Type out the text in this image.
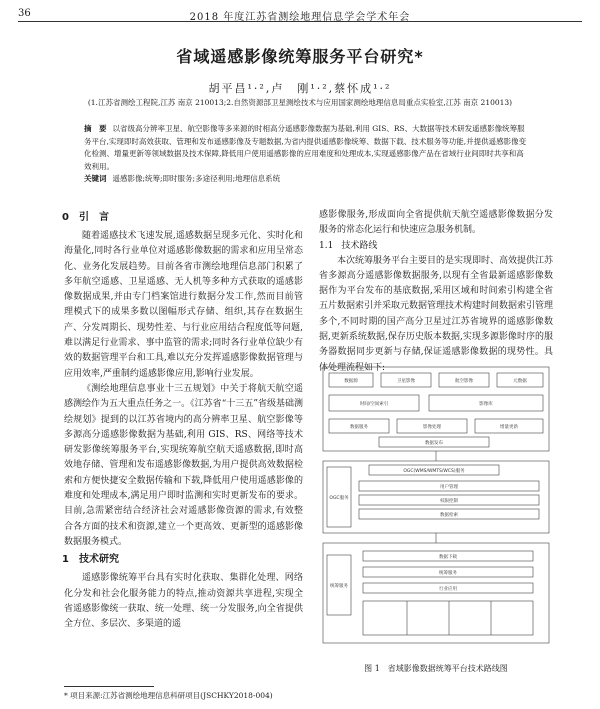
36	2018 年度江苏省测绘地理信息学会学术年会
省域遥感影像统筹服务平台研究*
胡平昌¹·²,卢　刚¹·²,蔡怀成¹·²
(1.江苏省测绘工程院,江苏 南京 210013;2.自然资源部卫星测绘技术与应用国家测绘地理信息局重点实验室,江苏 南京 210013)
摘　要 以省级高分辨率卫星、航空影像等多来源的时相高分遥感影像数据为基础,利用 GIS、RS、大数据等技术研发遥感影像统筹服务平台,实现即时高效获取、管理和发布遥感影像及专题数据,为省内提供遥感影像统筹、数据下载、技术服务等功能,并提供遥感影像变化检测、增量更新等领域数据及技术保障,降低用户使用遥感影像的应用难度和处理成本,实现遥感影像产品在省域行业间即时共享和高效利用。
关键词 遥感影像;统筹;即时服务;多途径利用;地理信息系统
0 引　言

随着遥感技术飞速发展,遥感数据呈现多元化、实时化和海量化,同时各行业单位对遥感影像数据的需求和应用呈常态化、业务化发展趋势。目前各省市测绘地理信息部门积累了多年航空遥感、卫星遥感、无人机等多种方式获取的遥感影像数据成果,并由专门档案馆进行数据分发工作,然而目前管理模式下的成果多数以图幅形式存储、组织,其存在数据生产、分发周期长、现势性差、与行业应用结合程度低等问题,难以满足行业需求、事中监管的需求;同时各行业单位缺少有效的数据管理平台和工具,难以充分发挥遥感影像数据管理与应用效率,严重制约遥感影像应用,影响行业发展。

《测绘地理信息事业十三五规划》中关于将航天航空遥感测绘作为五大重点任务之一。《江苏省“十三五”省级基础测绘规划》提到的以江苏省境内的高分辨率卫星、航空影像等多源高分遥感影像数据为基础,利用 GIS、RS、网络等技术研发影像统筹服务平台,实现统筹航空航天遥感数据,即时高效地存储、管理和发布遥感影像数据,为用户提供高效数据检索和方便快捷安全数据传输和下载,降低用户使用遥感影像的难度和处理成本,满足用户即时监测和实时更新发布的要求。目前,急需紧密结合经济社会对遥感影像资源的需求,有效整合各方面的技术和资源,建立一个更高效、更新型的遥感影像数据服务模式。

1 技术研究

遥感影像统筹平台具有实时化获取、集群化处理、网络化分发和社会化服务能力的特点,推动资源共享进程,实现全省遥感影像统一获取、统一处理、统一分发服务,向全省提供全方位、多层次、多渠道的遥

感影像服务,形成面向全省提供航天航空遥感影像数据分发服务的常态化运行和快速应急服务机制。

1.1 技术路线

本次统筹服务平台主要目的是实现即时、高效提供江苏省多源高分遥感影像数据服务,以现有全省最新遥感影像数据作为平台发布的基底数据,采用区域和时间索引构建全省五片数据索引并采取元数据管理技术构建时间数据索引管理多个,不同时期的国产高分卫星过江苏省境界的遥感影像数据,更新系统数据,保存历史版本数据,实现多源影像时序的服务器数据同步更新与存储,保证遥感影像数据的现势性。具体处理流程如下:

数据源	卫星影像	航空影像	元数据
时间/空间索引	影像库
数据服务	影像处理	增量更新
数据发布
OGC服务
OGC(WMS/WMTS/WCS)服务
用户管理
权限控制
数据检索
统筹服务
数据下载
统筹服务
行业应用
图 1　省域影像数据统筹平台技术路线图
* 项目来源:江苏省测绘地理信息科研项目(JSCHKY2018-004)
